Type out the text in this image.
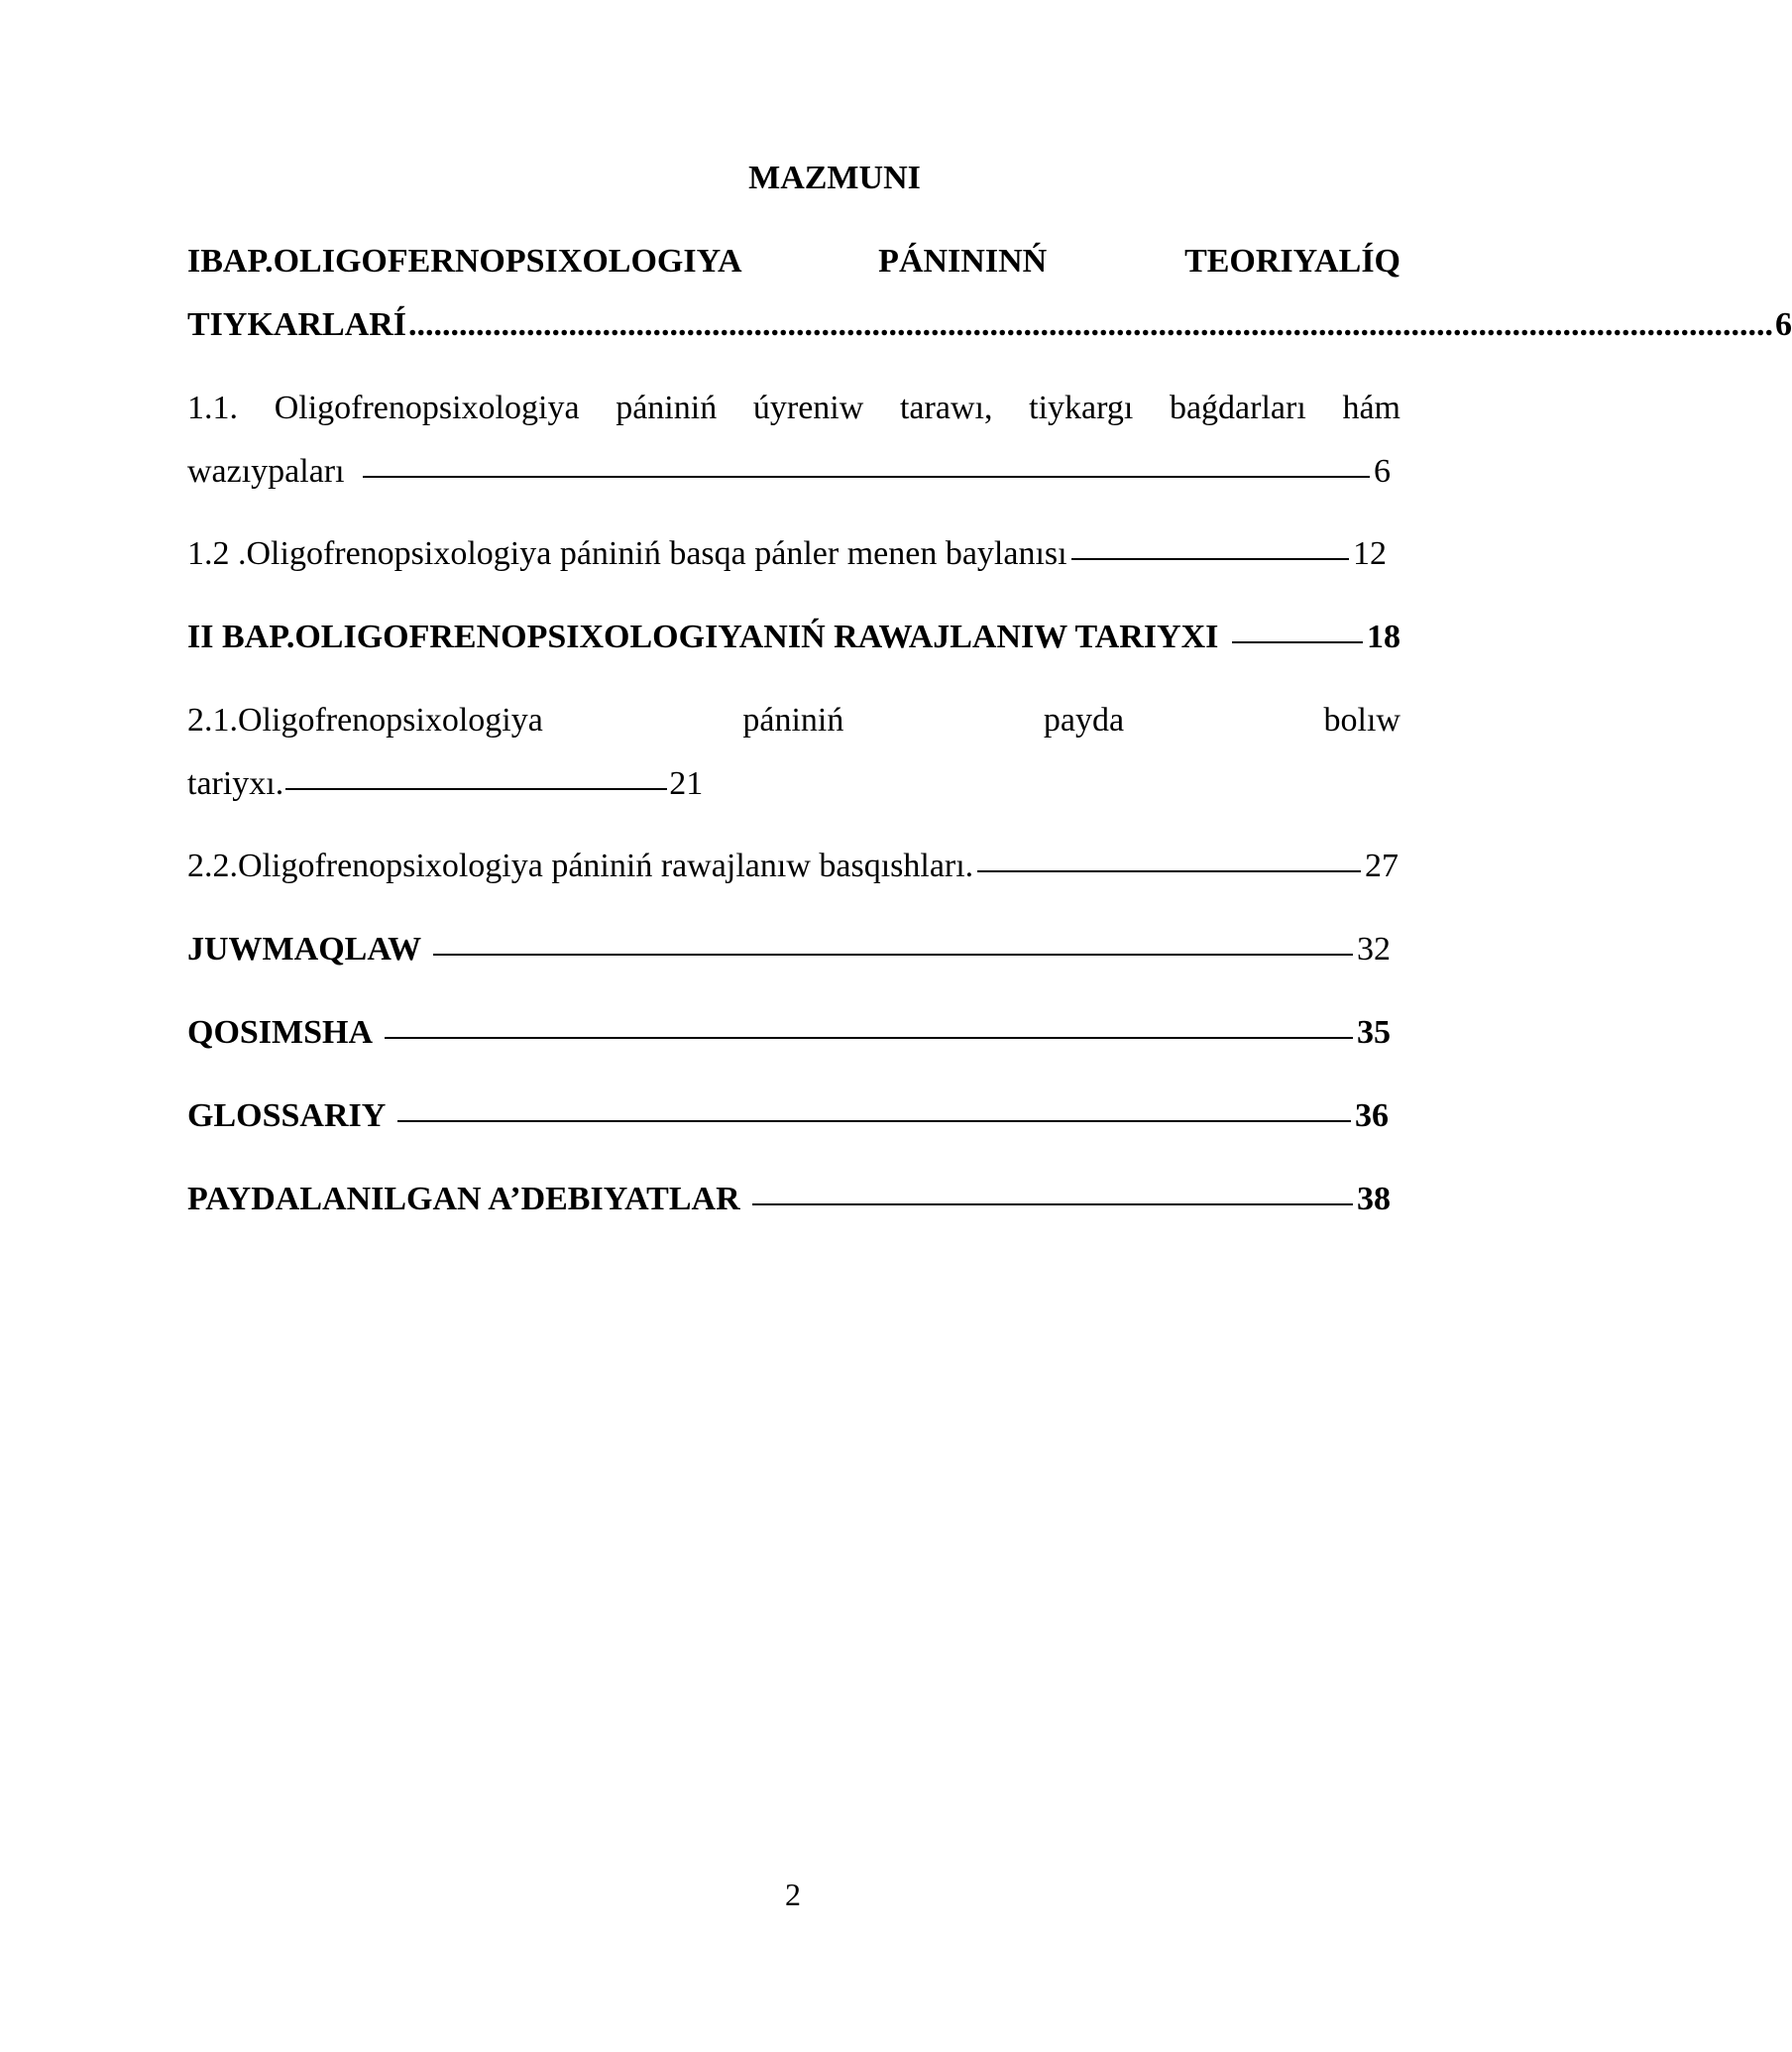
MAZMUNI
IBAP.OLIGOFERNOPSIXOLOGIYA PÁNININŃ TEORIYALÍQ
TIYKARLARÍ .................................................................................................................................................................. 6
1.1. Oligofrenopsixologiya pániniń úyreniw tarawı, tiykargı baǵdarları hám
wazıypaları	6
1.2 .Oligofrenopsixologiya pániniń basqa pánler menen baylanısı	12
II BAP.OLIGOFRENOPSIXOLOGIYANIŃ RAWAJLANIW TARIYXI	18
2.1.Oligofrenopsixologiya pániniń payda bolıw
tariyxı.	21
2.2.Oligofrenopsixologiya pániniń rawajlanıw basqıshları.	27
JUWMAQLAW	32
QOSIMSHA	35
GLOSSARIY	36
PAYDALANILGAN A’DEBIYATLAR	38
2
